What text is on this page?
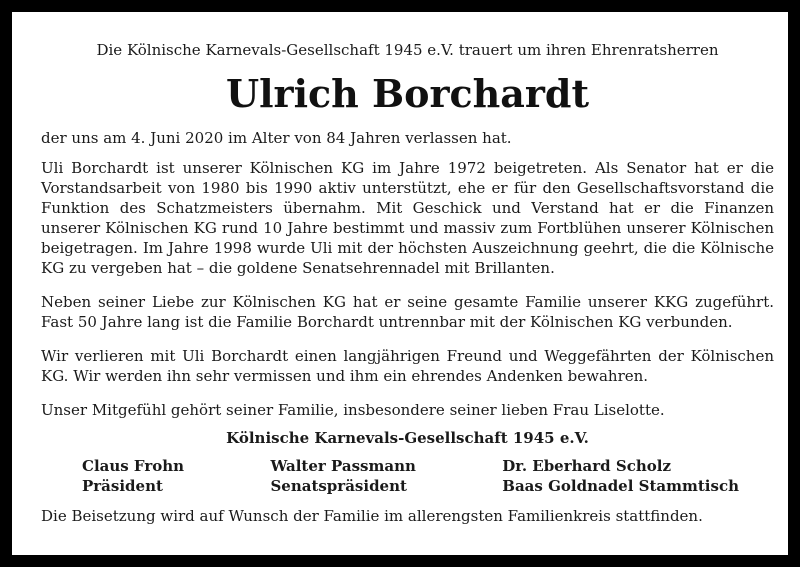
Die Kölnische Karnevals-Gesellschaft 1945 e.V. trauert um ihren Ehrenratsherren

Ulrich Borchardt

der uns am 4. Juni 2020 im Alter von 84 Jahren verlassen hat.

Uli Borchardt ist unserer Kölnischen KG im Jahre 1972 beigetreten. Als Senator hat er die Vorstandsarbeit von 1980 bis 1990 aktiv unterstützt, ehe er für den Gesellschaftsvorstand die Funktion des Schatzmeisters übernahm. Mit Geschick und Verstand hat er die Finanzen unserer Kölnischen KG rund 10 Jahre bestimmt und massiv zum Fortblühen unserer Kölnischen beigetragen. Im Jahre 1998 wurde Uli mit der höchsten Auszeichnung geehrt, die die Kölnische KG zu vergeben hat – die goldene Senatsehrennadel mit Brillanten.

Neben seiner Liebe zur Kölnischen KG hat er seine gesamte Familie unserer KKG zugeführt. Fast 50 Jahre lang ist die Familie Borchardt untrennbar mit der Kölnischen KG verbunden.

Wir verlieren mit Uli Borchardt einen langjährigen Freund und Weggefährten der Kölnischen KG. Wir werden ihn sehr vermissen und ihm ein ehrendes Andenken bewahren.

Unser Mitgefühl gehört seiner Familie, insbesondere seiner lieben Frau Liselotte.

Kölnische Karnevals-Gesellschaft 1945 e.V.
Claus Frohn
Präsident
Walter Passmann
Senatspräsident
Dr. Eberhard Scholz
Baas Goldnadel Stammtisch

Die Beisetzung wird auf Wunsch der Familie im allerengsten Familienkreis stattfinden.
